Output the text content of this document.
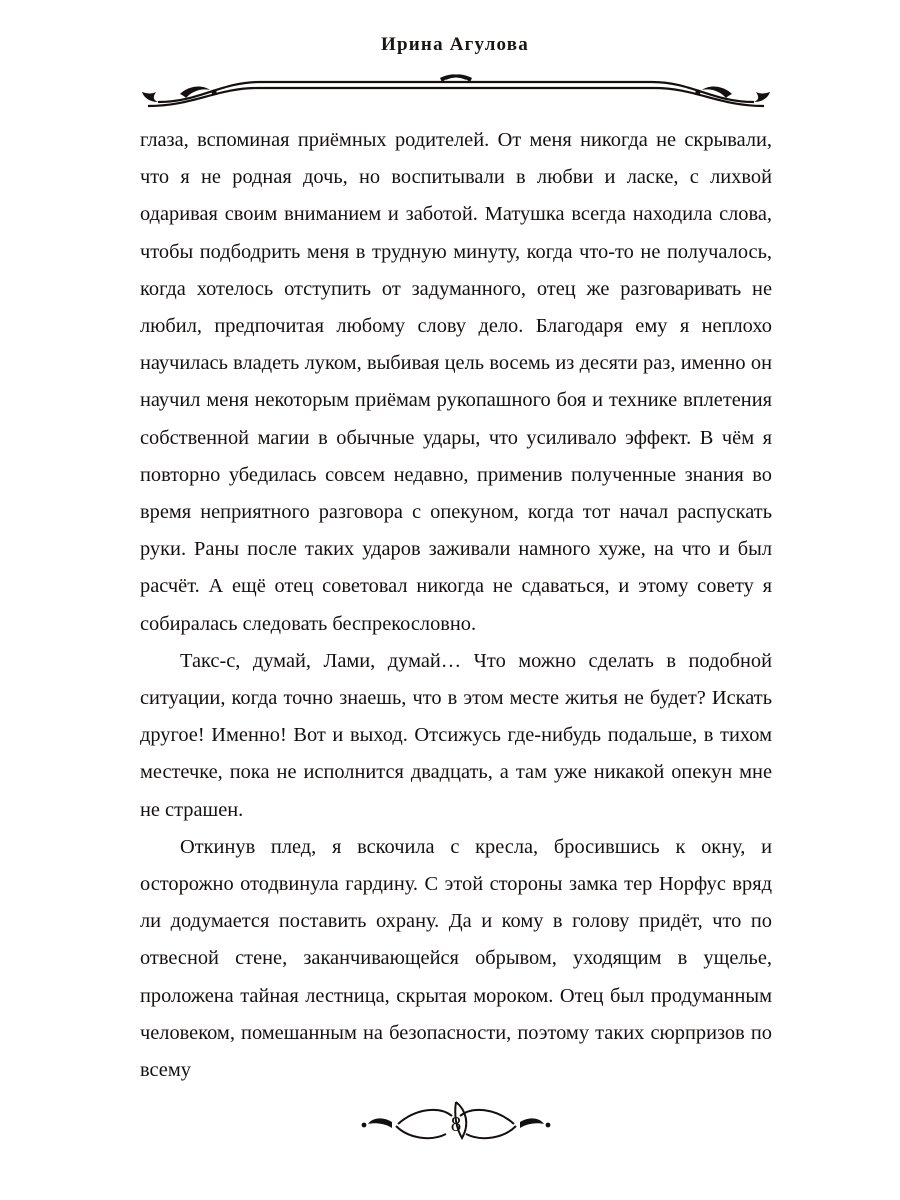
Ирина Агулова

глаза, вспоминая приёмных родителей. От меня никогда не скрывали, что я не родная дочь, но воспитывали в любви и ласке, с лихвой одаривая своим вниманием и заботой. Матушка всегда находила слова, чтобы подбодрить меня в трудную минуту, когда что-то не получалось, когда хотелось отступить от задуманного, отец же разговаривать не любил, предпочитая любому слову дело. Благодаря ему я неплохо научилась владеть луком, выбивая цель восемь из десяти раз, именно он научил меня некоторым приёмам рукопашного боя и технике вплетения собственной магии в обычные удары, что усиливало эффект. В чём я повторно убедилась совсем недавно, применив полученные знания во время неприятного разговора с опекуном, когда тот начал распускать руки. Раны после таких ударов заживали намного хуже, на что и был расчёт. А ещё отец советовал никогда не сдаваться, и этому совету я собиралась следовать беспрекословно.

Такс-с, думай, Лами, думай… Что можно сделать в подобной ситуации, когда точно знаешь, что в этом месте житья не будет? Искать другое! Именно! Вот и выход. Отсижусь где-нибудь подальше, в тихом местечке, пока не исполнится двадцать, а там уже никакой опекун мне не страшен.

Откинув плед, я вскочила с кресла, бросившись к окну, и осторожно отодвинула гардину. С этой стороны замка тер Норфус вряд ли додумается поставить охрану. Да и кому в голову придёт, что по отвесной стене, заканчивающейся обрывом, уходящим в ущелье, проложена тайная лестница, скрытая мороком. Отец был продуманным человеком, помешанным на безопасности, поэтому таких сюрпризов по всему

8
